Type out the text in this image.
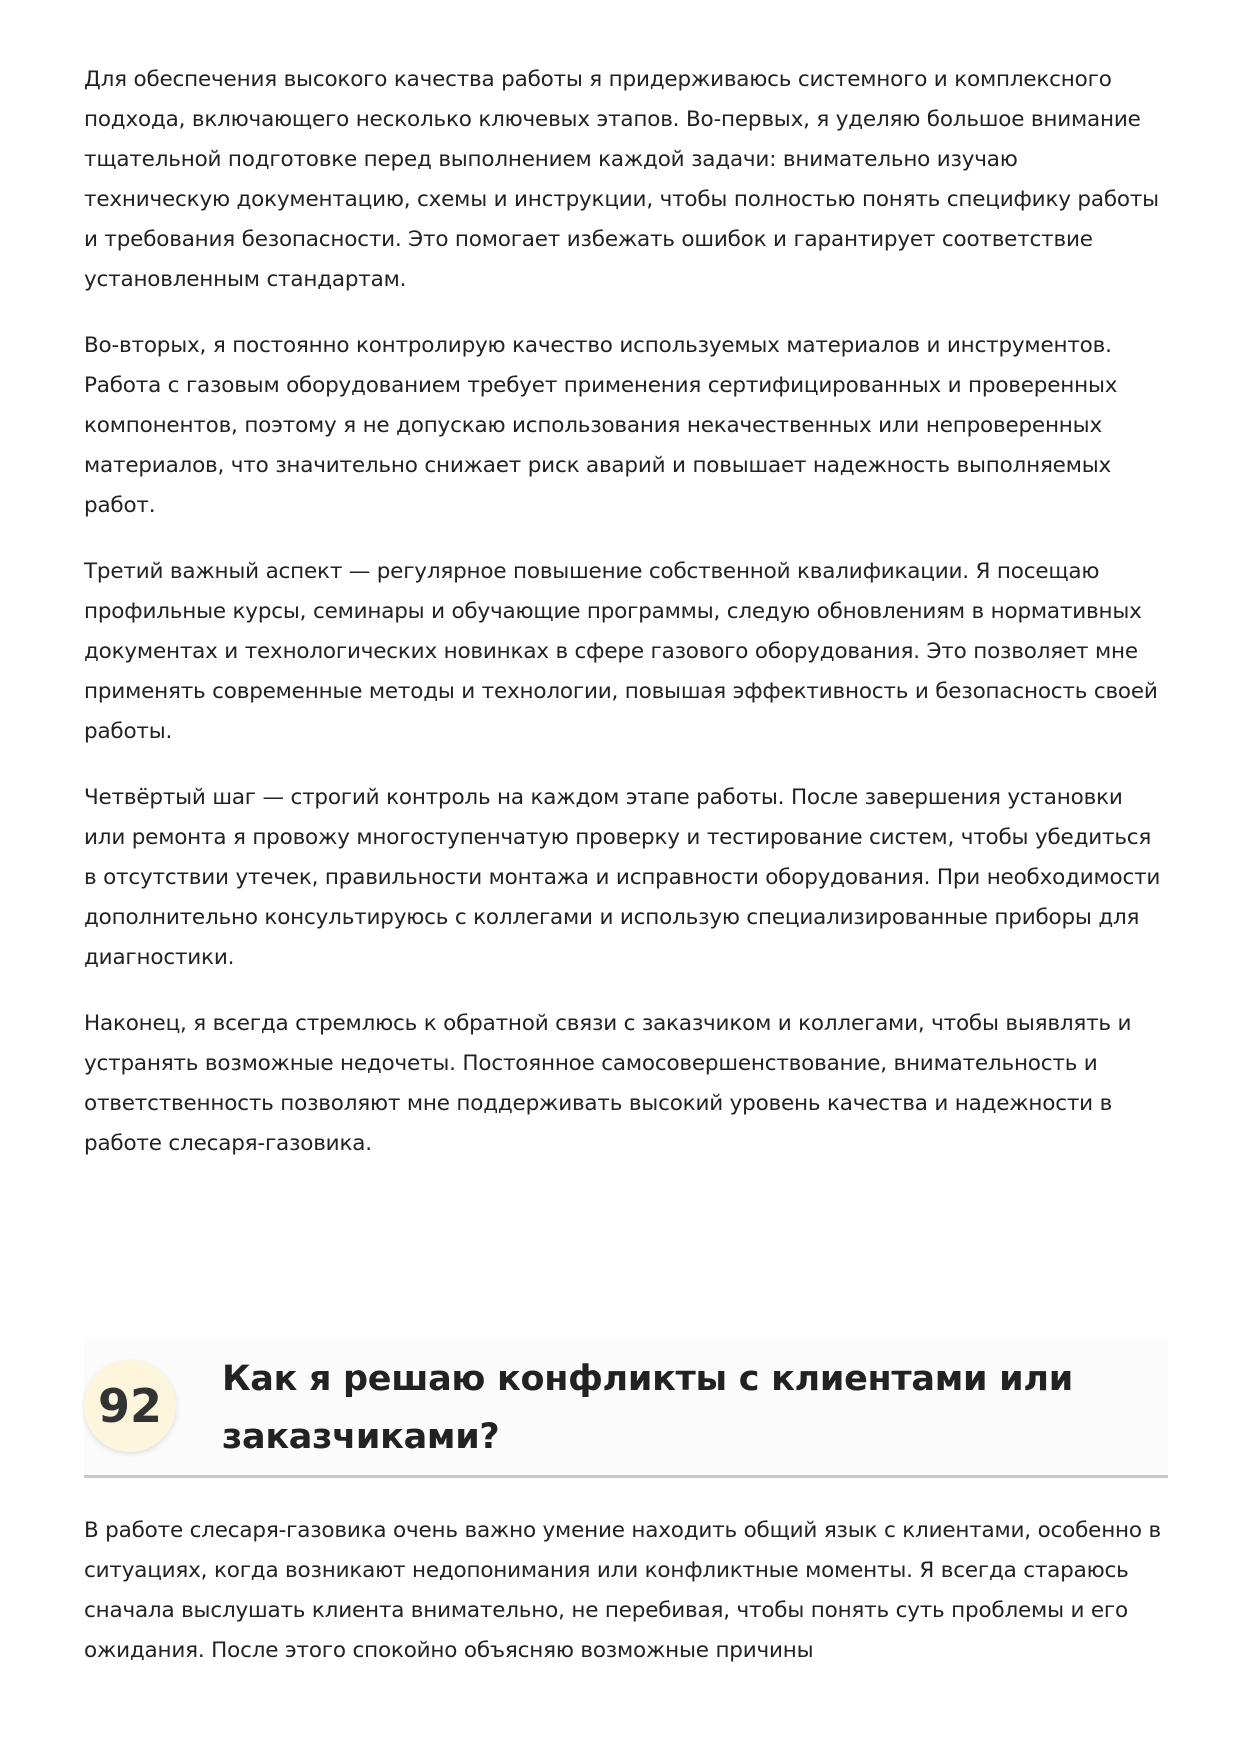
Для обеспечения высокого качества работы я придерживаюсь системного и комплексного подхода, включающего несколько ключевых этапов. Во-первых, я уделяю большое внимание тщательной подготовке перед выполнением каждой задачи: внимательно изучаю техническую документацию, схемы и инструкции, чтобы полностью понять специфику работы и требования безопасности. Это помогает избежать ошибок и гарантирует соответствие установленным стандартам.

Во-вторых, я постоянно контролирую качество используемых материалов и инструментов. Работа с газовым оборудованием требует применения сертифицированных и проверенных компонентов, поэтому я не допускаю использования некачественных или непроверенных материалов, что значительно снижает риск аварий и повышает надежность выполняемых работ.

Третий важный аспект — регулярное повышение собственной квалификации. Я посещаю профильные курсы, семинары и обучающие программы, следую обновлениям в нормативных документах и технологических новинках в сфере газового оборудования. Это позволяет мне применять современные методы и технологии, повышая эффективность и безопасность своей работы.

Четвёртый шаг — строгий контроль на каждом этапе работы. После завершения установки или ремонта я провожу многоступенчатую проверку и тестирование систем, чтобы убедиться в отсутствии утечек, правильности монтажа и исправности оборудования. При необходимости дополнительно консультируюсь с коллегами и использую специализированные приборы для диагностики.

Наконец, я всегда стремлюсь к обратной связи с заказчиком и коллегами, чтобы выявлять и устранять возможные недочеты. Постоянное самосовершенствование, внимательность и ответственность позволяют мне поддерживать высокий уровень качества и надежности в работе слесаря-газовика.

92	Как я решаю конфликты с клиентами или заказчиками?

В работе слесаря-газовика очень важно умение находить общий язык с клиентами, особенно в ситуациях, когда возникают недопонимания или конфликтные моменты. Я всегда стараюсь сначала выслушать клиента внимательно, не перебивая, чтобы понять суть проблемы и его ожидания. После этого спокойно объясняю возможные причины
